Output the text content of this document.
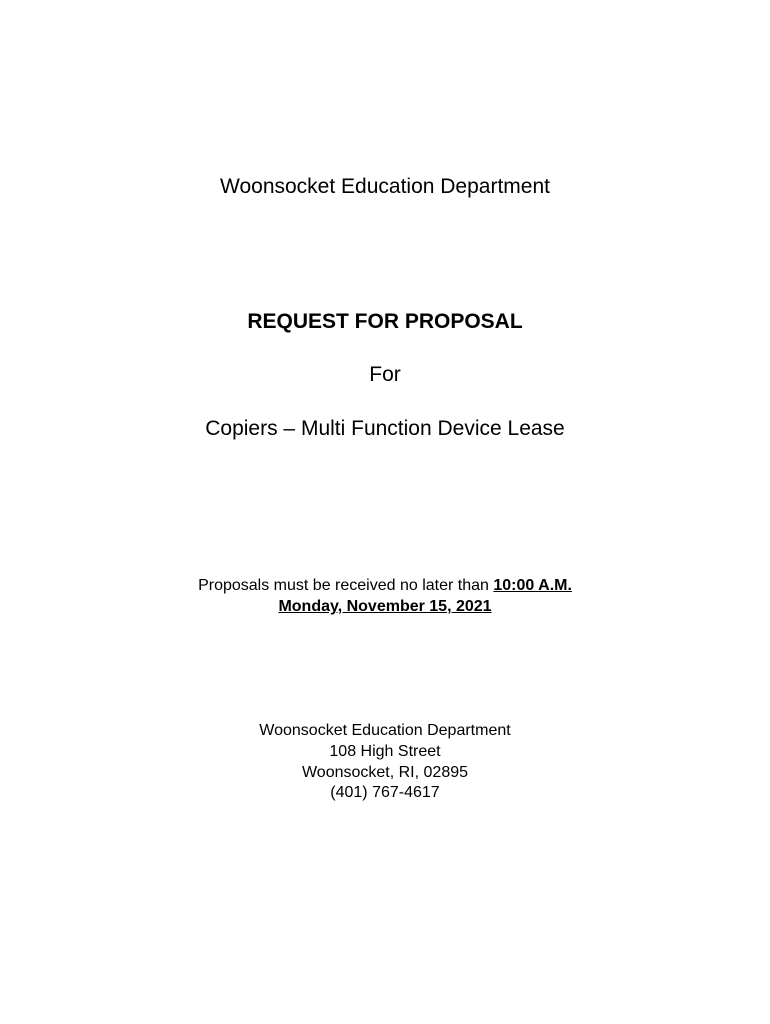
Woonsocket Education Department

REQUEST FOR PROPOSAL

For

Copiers – Multi Function Device Lease

Proposals must be received no later than 10:00 A.M.

Monday, November 15, 2021

Woonsocket Education Department

108 High Street

Woonsocket, RI, 02895

(401) 767-4617
